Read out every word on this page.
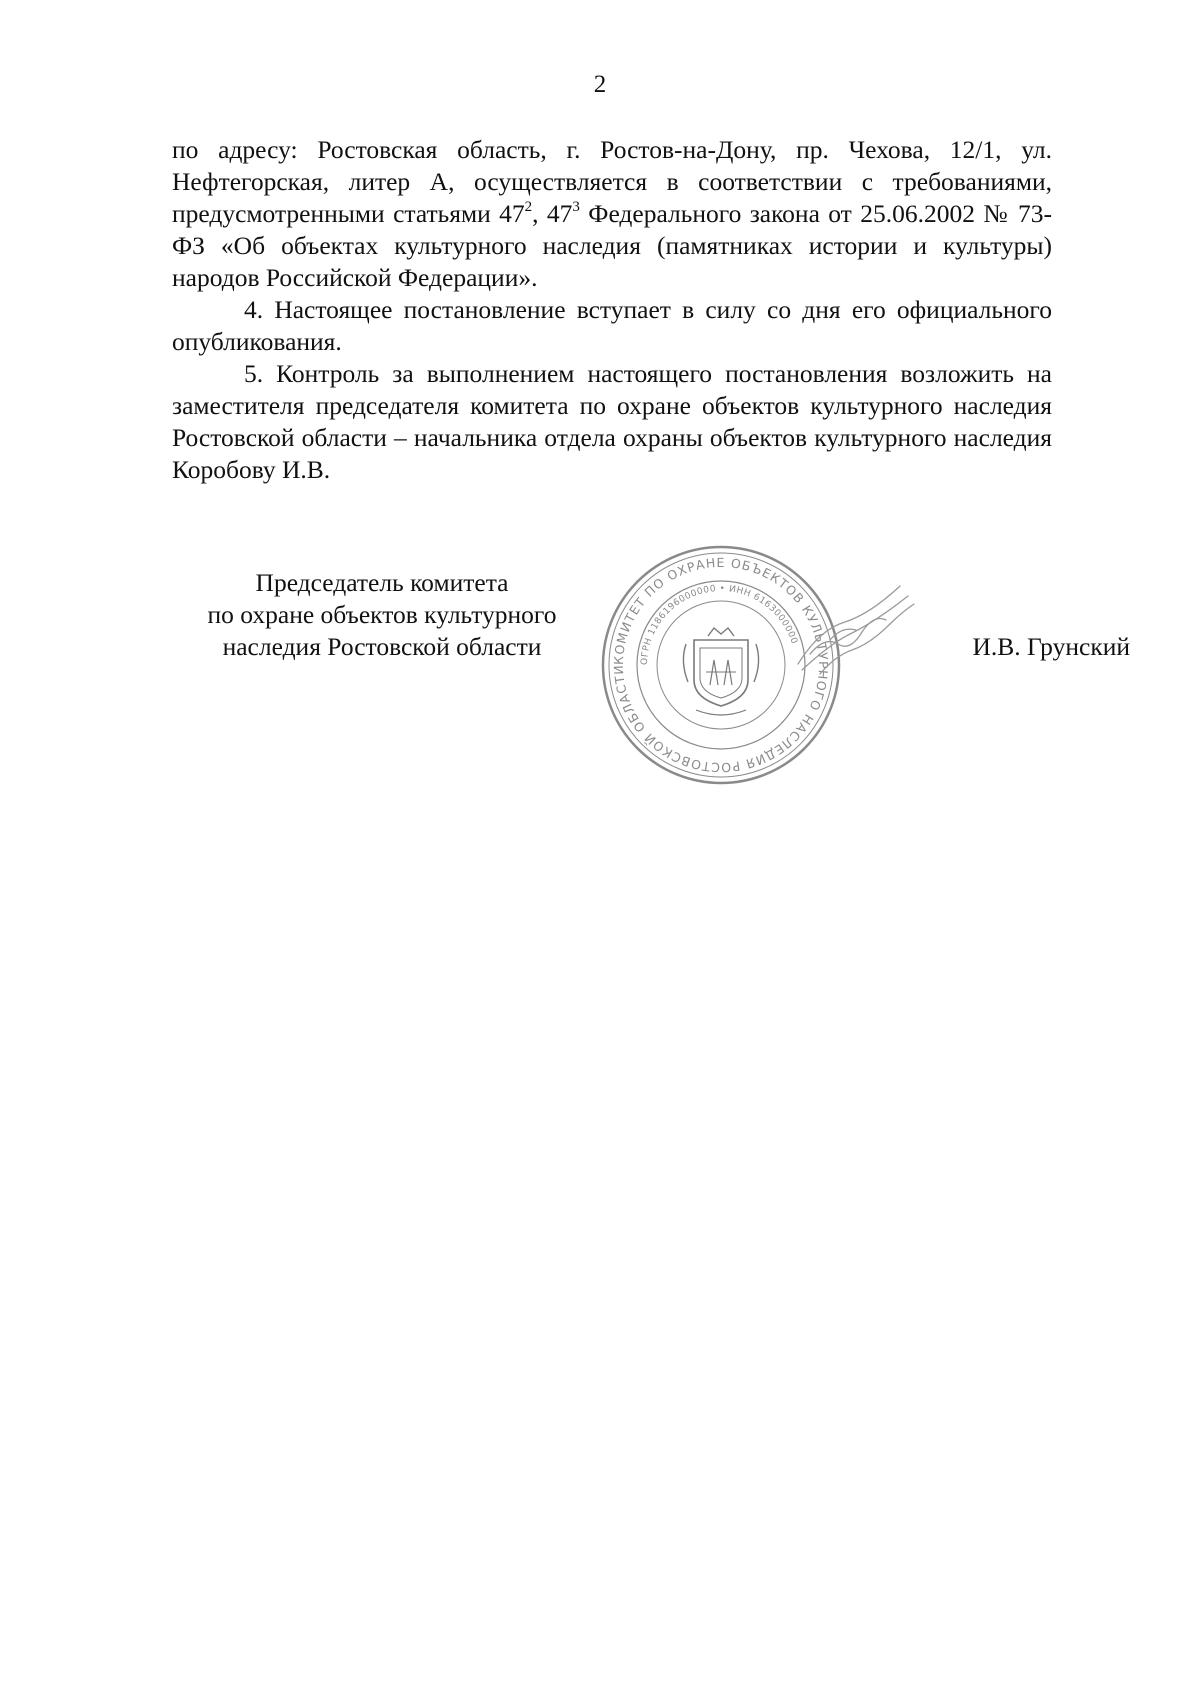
2

по адресу: Ростовская область, г. Ростов-на-Дону, пр. Чехова, 12/1, ул. Нефтегорская, литер А, осуществляется в соответствии с требованиями, предусмотренными статьями $47^2$, $47^3$ Федерального закона от 25.06.2002 № 73-ФЗ «Об объектах культурного наследия (памятниках истории и культуры) народов Российской Федерации».

4. Настоящее постановление вступает в силу со дня его официального опубликования.

5. Контроль за выполнением настоящего постановления возложить на заместителя председателя комитета по охране объектов культурного наследия Ростовской области – начальника отдела охраны объектов культурного наследия Коробову И.В.

Председатель комитета
по охране объектов культурного
наследия Ростовской области	КОМИТЕТ ПО ОХРАНЕ ОБЪЕКТОВ КУЛЬТУРНОГО НАСЛЕДИЯ РОСТОВСКОЙ ОБЛАСТИ
ОГРН 1186196000000 • ИНН 6163000000	И.В. Грунский
